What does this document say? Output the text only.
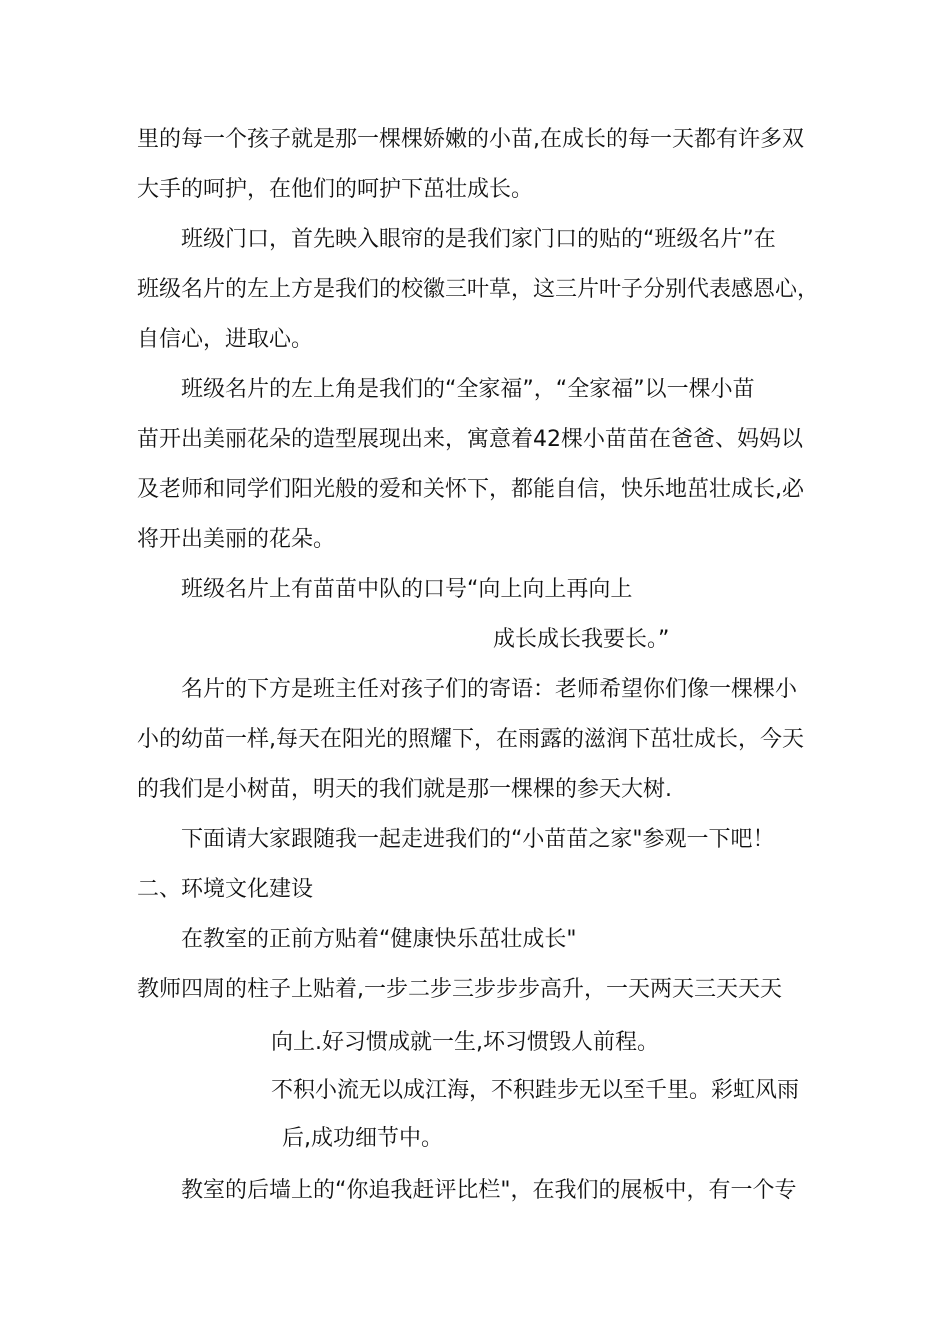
里的每一个孩子就是那一棵棵娇嫩的小苗,在成长的每一天都有许多双
大手的呵护，在他们的呵护下茁壮成长。
班级门口，首先映入眼帘的是我们家门口的贴的“班级名片”在
班级名片的左上方是我们的校徽三叶草，这三片叶子分别代表感恩心，
自信心，进取心。
班级名片的左上角是我们的“全家福”，“全家福”以一棵小苗
苗开出美丽花朵的造型展现出来，寓意着42棵小苗苗在爸爸、妈妈以
及老师和同学们阳光般的爱和关怀下，都能自信，快乐地茁壮成长,必
将开出美丽的花朵。
班级名片上有苗苗中队的口号“向上向上再向上
成长成长我要长。”
名片的下方是班主任对孩子们的寄语：老师希望你们像一棵棵小
小的幼苗一样,每天在阳光的照耀下，在雨露的滋润下茁壮成长，今天
的我们是小树苗，明天的我们就是那一棵棵的参天大树.
下面请大家跟随我一起走进我们的“小苗苗之家"参观一下吧！
二、环境文化建设
在教室的正前方贴着“健康快乐茁壮成长"
教师四周的柱子上贴着,一步二步三步步步高升，一天两天三天天天
向上.好习惯成就一生,坏习惯毁人前程。
不积小流无以成江海，不积跬步无以至千里。彩虹风雨
后,成功细节中。
教室的后墙上的“你追我赶评比栏"，在我们的展板中，有一个专
